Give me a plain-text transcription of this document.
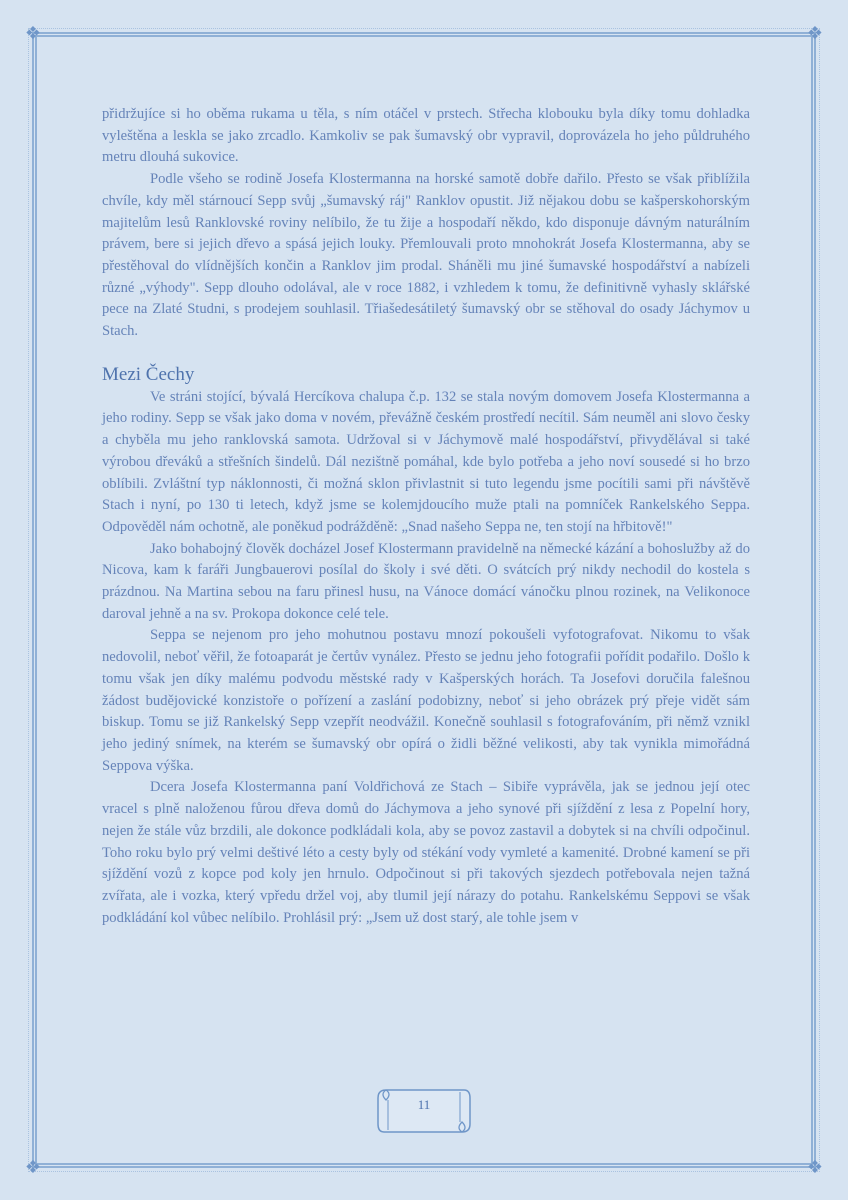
❖	❖
❖	❖

přidržujíce si ho oběma rukama u těla, s ním otáčel v prstech. Střecha klobouku byla díky tomu dohladka vyleštěna a leskla se jako zrcadlo. Kamkoliv se pak šumavský obr vypravil, doprovázela ho jeho půldruhého metru dlouhá sukovice.

Podle všeho se rodině Josefa Klostermanna na horské samotě dobře dařilo. Přesto se však přiblížila chvíle, kdy měl stárnoucí Sepp svůj „šumavský ráj" Ranklov opustit. Již nějakou dobu se kašperskohorským majitelům lesů Ranklovské roviny nelíbilo, že tu žije a hospodaří někdo, kdo disponuje dávným naturálním právem, bere si jejich dřevo a spásá jejich louky. Přemlouvali proto mnohokrát Josefa Klostermanna, aby se přestěhoval do vlídnějších končin a Ranklov jim prodal. Sháněli mu jiné šumavské hospodářství a nabízeli různé „výhody". Sepp dlouho odolával, ale v roce 1882, i vzhledem k tomu, že definitivně vyhasly sklářské pece na Zlaté Studni, s prodejem souhlasil. Třiašedesátiletý šumavský obr se stěhoval do osady Jáchymov u Stach.

Mezi Čechy

Ve stráni stojící, bývalá Hercíkova chalupa č.p. 132 se stala novým domovem Josefa Klostermanna a jeho rodiny. Sepp se však jako doma v novém, převážně českém prostředí necítil. Sám neuměl ani slovo česky a chyběla mu jeho ranklovská samota. Udržoval si v Jáchymově malé hospodářství, přivydělával si také výrobou dřeváků a střešních šindelů. Dál nezištně pomáhal, kde bylo potřeba a jeho noví sousedé si ho brzo oblíbili. Zvláštní typ náklonnosti, či možná sklon přivlastnit si tuto legendu jsme pocítili sami při návštěvě Stach i nyní, po 130 ti letech, když jsme se kolemjdoucího muže ptali na pomníček Rankelského Seppa. Odpověděl nám ochotně, ale poněkud podrážděně: „Snad našeho Seppa ne, ten stojí na hřbitově!"

Jako bohabojný člověk docházel Josef Klostermann pravidelně na německé kázání a bohoslužby až do Nicova, kam k faráři Jungbauerovi posílal do školy i své děti. O svátcích prý nikdy nechodil do kostela s prázdnou. Na Martina sebou na faru přinesl husu, na Vánoce domácí vánočku plnou rozinek, na Velikonoce daroval jehně a na sv. Prokopa dokonce celé tele.

Seppa se nejenom pro jeho mohutnou postavu mnozí pokoušeli vyfotografovat. Nikomu to však nedovolil, neboť věřil, že fotoaparát je čertův vynález. Přesto se jednu jeho fotografii pořídit podařilo. Došlo k tomu však jen díky malému podvodu městské rady v Kašperských horách. Ta Josefovi doručila falešnou žádost budějovické konzistoře o pořízení a zaslání podobizny, neboť si jeho obrázek prý přeje vidět sám biskup. Tomu se již Rankelský Sepp vzepřít neodvážil. Konečně souhlasil s fotografováním, při němž vznikl jeho jediný snímek, na kterém se šumavský obr opírá o židli běžné velikosti, aby tak vynikla mimořádná Seppova výška.

Dcera Josefa Klostermanna paní Voldřichová ze Stach – Sibiře vyprávěla, jak se jednou její otec vracel s plně naloženou fůrou dřeva domů do Jáchymova a jeho synové při sjíždění z lesa z Popelní hory, nejen že stále vůz brzdili, ale dokonce podkládali kola, aby se povoz zastavil a dobytek si na chvíli odpočinul. Toho roku bylo prý velmi deštivé léto a cesty byly od stékání vody vymleté a kamenité. Drobné kamení se při sjíždění vozů z kopce pod koly jen hrnulo. Odpočinout si při takových sjezdech potřebovala nejen tažná zvířata, ale i vozka, který vpředu držel voj, aby tlumil její nárazy do potahu. Rankelskému Seppovi se však podkládání kol vůbec nelíbilo. Prohlásil prý: „Jsem už dost starý, ale tohle jsem v

11
